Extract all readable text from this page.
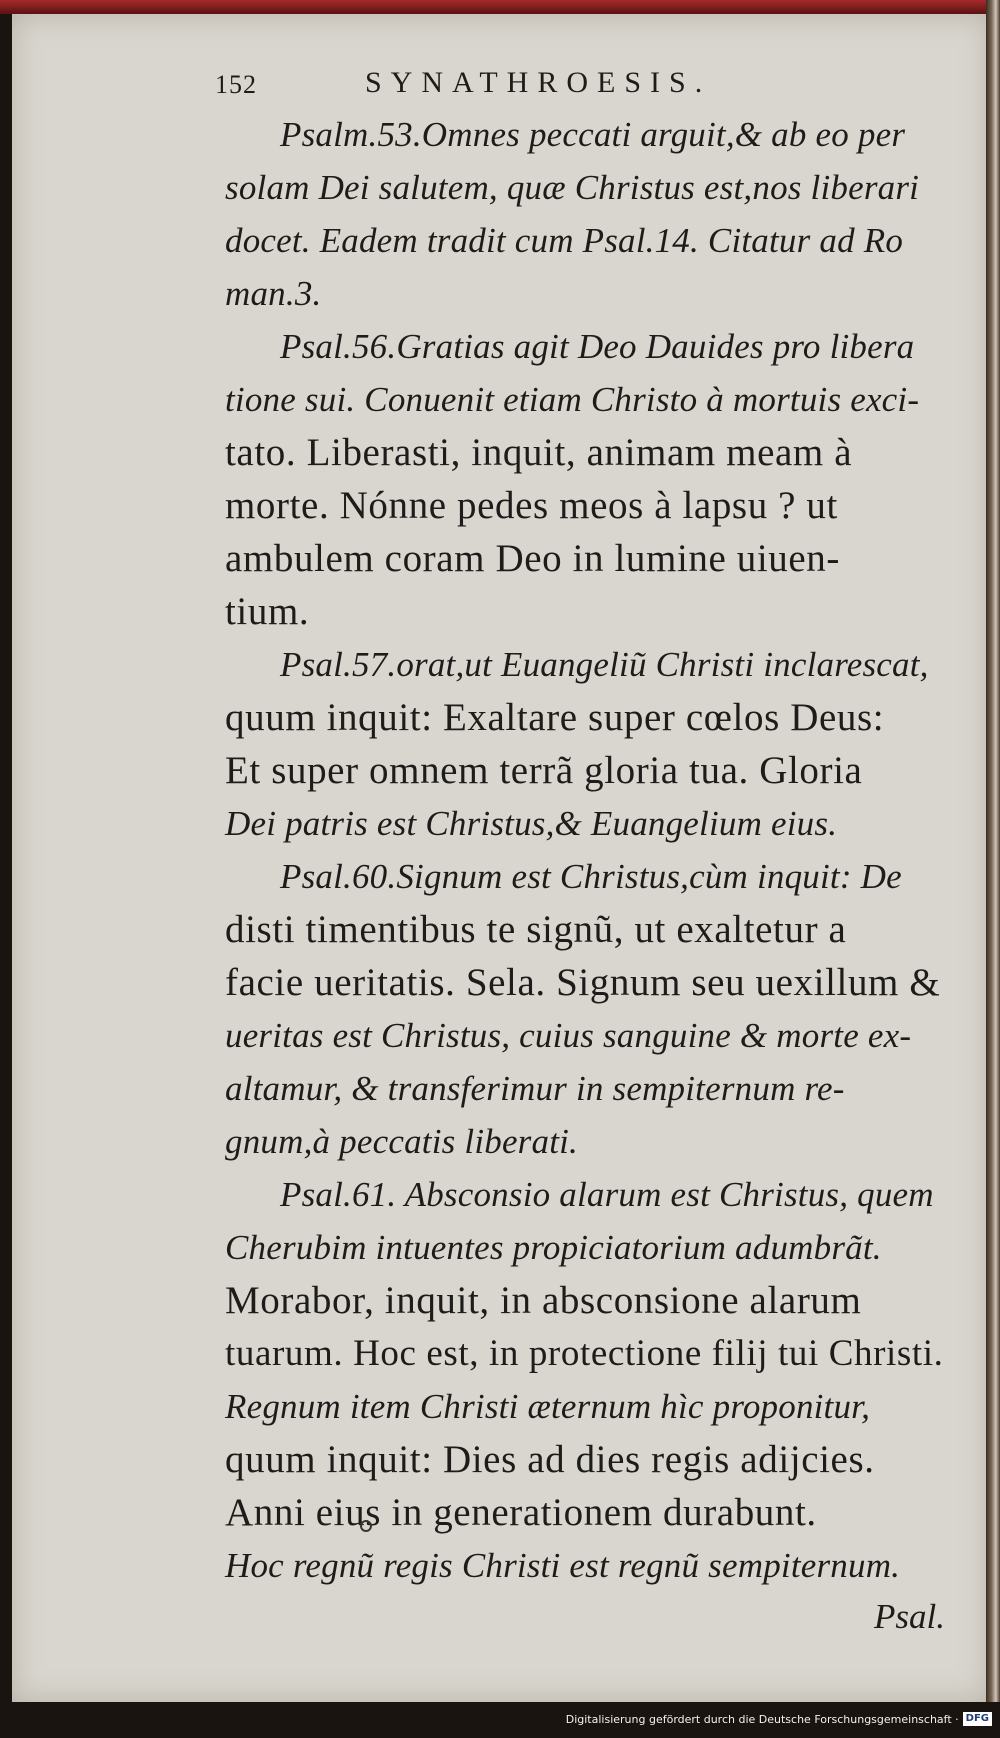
152	SYNATHROESIS.
Psalm.53.Omnes peccati arguit,& ab eo per
solam Dei salutem, quæ Christus est,nos liberari
docet. Eadem tradit cum Psal.14. Citatur ad Ro
man.3.
Psal.56.Gratias agit Deo Dauides pro libera
tione sui. Conuenit etiam Christo à mortuis exci-
tato. Liberasti, inquit, animam meam à
morte. Nónne pedes meos à lapsu ? ut
ambulem coram Deo in lumine uiuen-
tium.
Psal.57.orat,ut Euangeliũ Christi inclarescat,
quum inquit: Exaltare super cœlos Deus:
Et super omnem terrã gloria tua. Gloria
Dei patris est Christus,& Euangelium eius.
Psal.60.Signum est Christus,cùm inquit: De
disti timentibus te signũ, ut exaltetur a
facie ueritatis. Sela. Signum seu uexillum &
ueritas est Christus, cuius sanguine & morte ex-
altamur, & transferimur in sempiternum re-
gnum,à peccatis liberati.
Psal.61. Absconsio alarum est Christus, quem
Cherubim intuentes propiciatorium adumbrãt.
Morabor, inquit, in absconsione alarum
tuarum. Hoc est, in protectione filij tui Christi.
Regnum item Christi æternum hìc proponitur,
quum inquit: Dies ad dies regis adijcies.
Anni eius in generationem durabunt.
Hoc regnũ regis Christi est regnũ sempiternum.
Psal.
Digitalisierung gefördert durch die Deutsche Forschungsgemeinschaft · DFG
